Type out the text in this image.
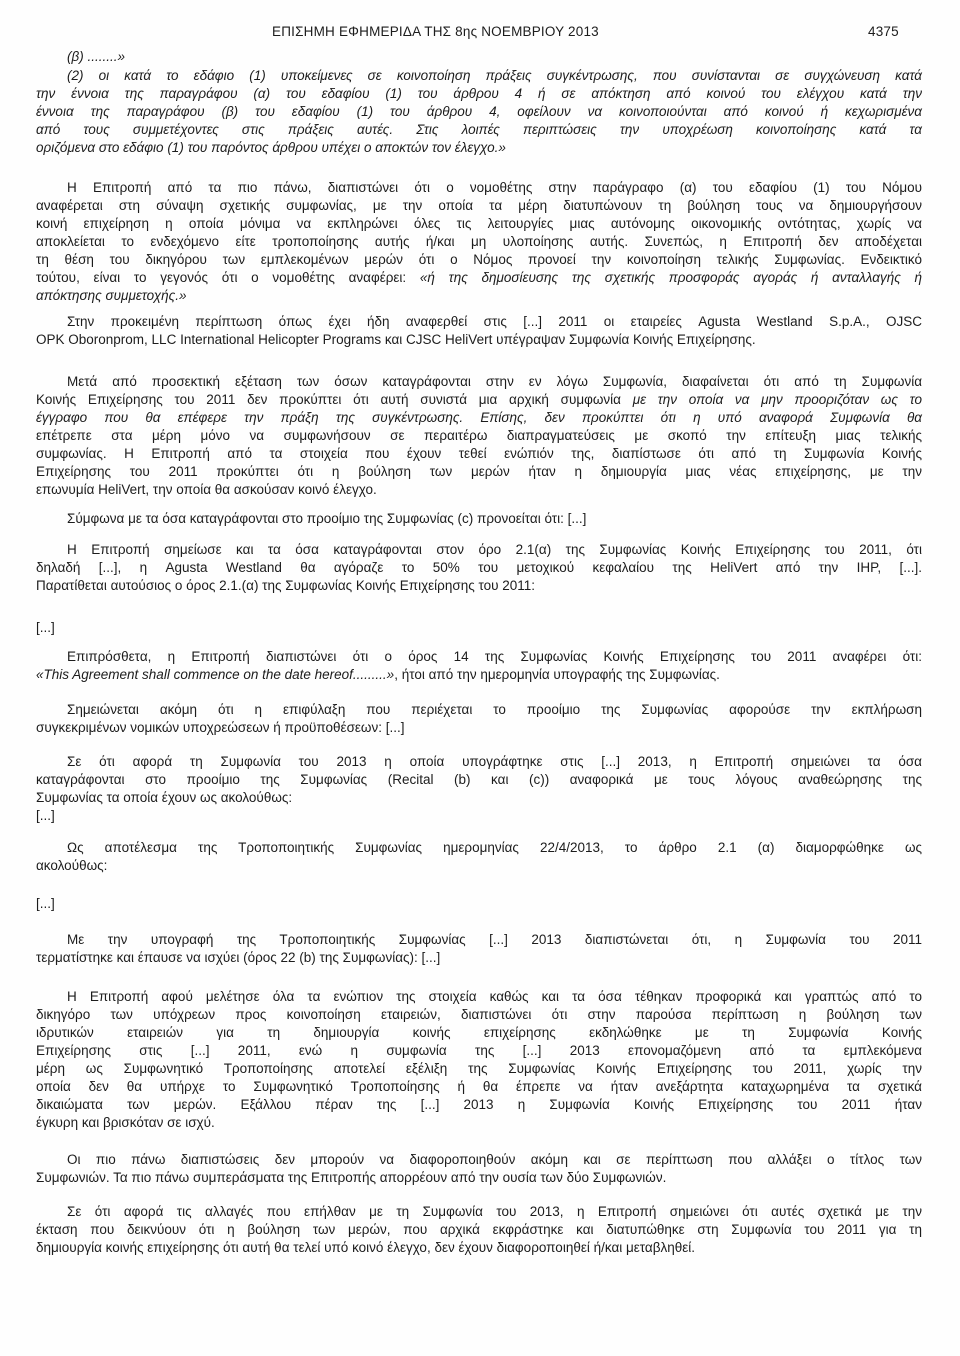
ΕΠΙΣΗΜΗ ΕΦΗΜΕΡΙΔΑ ΤΗΣ 8ης ΝΟΕΜΒΡΙΟΥ 2013	4375
(β) ........»
(2) οι κατά το εδάφιο (1) υποκείμενες σε κοινοποίηση πράξεις συγκέντρωσης, που συνίστανται σε συγχώνευση κατά
την έννοια της παραγράφου (α) του εδαφίου (1) του άρθρου 4 ή σε απόκτηση από κοινού του ελέγχου κατά την
έννοια της παραγράφου (β) του εδαφίου (1) του άρθρου 4, οφείλουν να κοινοποιούνται από κοινού ή κεχωρισμένα
από τους συμμετέχοντες στις πράξεις αυτές. Στις λοιπές περιπτώσεις την υποχρέωση κοινοποίησης κατά τα
οριζόμενα στο εδάφιο (1) του παρόντος άρθρου υπέχει ο αποκτών τον έλεγχο.»
Η Επιτροπή από τα πιο πάνω, διαπιστώνει ότι ο νομοθέτης στην παράγραφο (α) του εδαφίου (1) του Νόμου
αναφέρεται στη σύναψη σχετικής συμφωνίας, με την οποία τα μέρη διατυπώνουν τη βούληση τους να δημιουργήσουν
κοινή επιχείρηση η οποία μόνιμα να εκπληρώνει όλες τις λειτουργίες μιας αυτόνομης οικονομικής οντότητας, χωρίς να
αποκλείεται το ενδεχόμενο είτε τροποποίησης αυτής ή/και μη υλοποίησης αυτής. Συνεπώς, η Επιτροπή δεν αποδέχεται
τη θέση του δικηγόρου των εμπλεκομένων μερών ότι ο Νόμος προνοεί την κοινοποίηση τελικής Συμφωνίας. Ενδεικτικό
τούτου, είναι το γεγονός ότι ο νομοθέτης αναφέρει: «ή της δημοσίευσης της σχετικής προσφοράς αγοράς ή ανταλλαγής ή
απόκτησης συμμετοχής.»
Στην προκειμένη περίπτωση όπως έχει ήδη αναφερθεί στις [...] 2011 οι εταιρείες Agusta Westland S.p.A., OJSC
OPK Oboronprom, LLC International Helicopter Programs και CJSC HeliVert υπέγραψαν Συμφωνία Κοινής Επιχείρησης.
Μετά από προσεκτική εξέταση των όσων καταγράφονται στην εν λόγω Συμφωνία, διαφαίνεται ότι από τη Συμφωνία
Κοινής Επιχείρησης του 2011 δεν προκύπτει ότι αυτή συνιστά μια αρχική συμφωνία με την οποία να μην προοριζόταν ως το
έγγραφο που θα επέφερε την πράξη της συγκέντρωσης. Επίσης, δεν προκύπτει ότι η υπό αναφορά Συμφωνία θα
επέτρεπε στα μέρη μόνο να συμφωνήσουν σε περαιτέρω διαπραγματεύσεις με σκοπό την επίτευξη μιας τελικής
συμφωνίας. Η Επιτροπή από τα στοιχεία που έχουν τεθεί ενώπιόν της, διαπίστωσε ότι από τη Συμφωνία Κοινής
Επιχείρησης του 2011 προκύπτει ότι η βούληση των μερών ήταν η δημιουργία μιας νέας επιχείρησης, με την
επωνυμία HeliVert, την οποία θα ασκούσαν κοινό έλεγχο.
Σύμφωνα με τα όσα καταγράφονται στο προοίμιο της Συμφωνίας (c) προνοείται ότι: [...]
Η Επιτροπή σημείωσε και τα όσα καταγράφονται στον όρο 2.1(α) της Συμφωνίας Κοινής Επιχείρησης του 2011, ότι
δηλαδή [...], η Agusta Westland θα αγόραζε το 50% του μετοχικού κεφαλαίου της HeliVert από την IHP, [...].
Παρατίθεται αυτούσιος ο όρος 2.1.(α) της Συμφωνίας Κοινής Επιχείρησης του 2011:
[...]
Επιπρόσθετα, η Επιτροπή διαπιστώνει ότι ο όρος 14 της Συμφωνίας Κοινής Επιχείρησης του 2011 αναφέρει ότι:
«This Agreement shall commence on the date hereof.........», ήτοι από την ημερομηνία υπογραφής της Συμφωνίας.
Σημειώνεται ακόμη ότι η επιφύλαξη που περιέχεται το προοίμιο της Συμφωνίας αφορούσε την εκπλήρωση
συγκεκριμένων νομικών υποχρεώσεων ή προϋποθέσεων: [...]
Σε ότι αφορά τη Συμφωνία του 2013 η οποία υπογράφτηκε στις [...] 2013, η Επιτροπή σημειώνει τα όσα
καταγράφονται στο προοίμιο της Συμφωνίας (Recital (b) και (c)) αναφορικά με τους λόγους αναθεώρησης της
Συμφωνίας τα οποία έχουν ως ακολούθως:
[...]
Ως αποτέλεσμα της Τροποποιητικής Συμφωνίας ημερομηνίας 22/4/2013, το άρθρο 2.1 (α) διαμορφώθηκε ως
ακολούθως:
[...]
Με την υπογραφή της Τροποποιητικής Συμφωνίας [...] 2013 διαπιστώνεται ότι, η Συμφωνία του 2011
τερματίστηκε και έπαυσε να ισχύει (όρος 22 (b) της Συμφωνίας): [...]
Η Επιτροπή αφού μελέτησε όλα τα ενώπιον της στοιχεία καθώς και τα όσα τέθηκαν προφορικά και γραπτώς από το
δικηγόρο των υπόχρεων προς κοινοποίηση εταιρειών, διαπιστώνει ότι στην παρούσα περίπτωση η βούληση των
ιδρυτικών εταιρειών για τη δημιουργία κοινής επιχείρησης εκδηλώθηκε με τη Συμφωνία Κοινής
Επιχείρησης στις [...] 2011, ενώ η συμφωνία της [...] 2013 επονομαζόμενη από τα εμπλεκόμενα
μέρη ως Συμφωνητικό Τροποποίησης αποτελεί εξέλιξη της Συμφωνίας Κοινής Επιχείρησης του 2011, χωρίς την
οποία δεν θα υπήρχε το Συμφωνητικό Τροποποίησης ή θα έπρεπε να ήταν ανεξάρτητα καταχωρημένα τα σχετικά
δικαιώματα των μερών. Εξάλλου πέραν της [...] 2013 η Συμφωνία Κοινής Επιχείρησης του 2011 ήταν
έγκυρη και βρισκόταν σε ισχύ.
Οι πιο πάνω διαπιστώσεις δεν μπορούν να διαφοροποιηθούν ακόμη και σε περίπτωση που αλλάξει ο τίτλος των
Συμφωνιών. Τα πιο πάνω συμπεράσματα της Επιτροπής απορρέουν από την ουσία των δύο Συμφωνιών.
Σε ότι αφορά τις αλλαγές που επήλθαν με τη Συμφωνία του 2013, η Επιτροπή σημειώνει ότι αυτές σχετικά με την
έκταση που δεικνύουν ότι η βούληση των μερών, που αρχικά εκφράστηκε και διατυπώθηκε στη Συμφωνία του 2011 για τη
δημιουργία κοινής επιχείρησης ότι αυτή θα τελεί υπό κοινό έλεγχο, δεν έχουν διαφοροποιηθεί ή/και μεταβληθεί.
